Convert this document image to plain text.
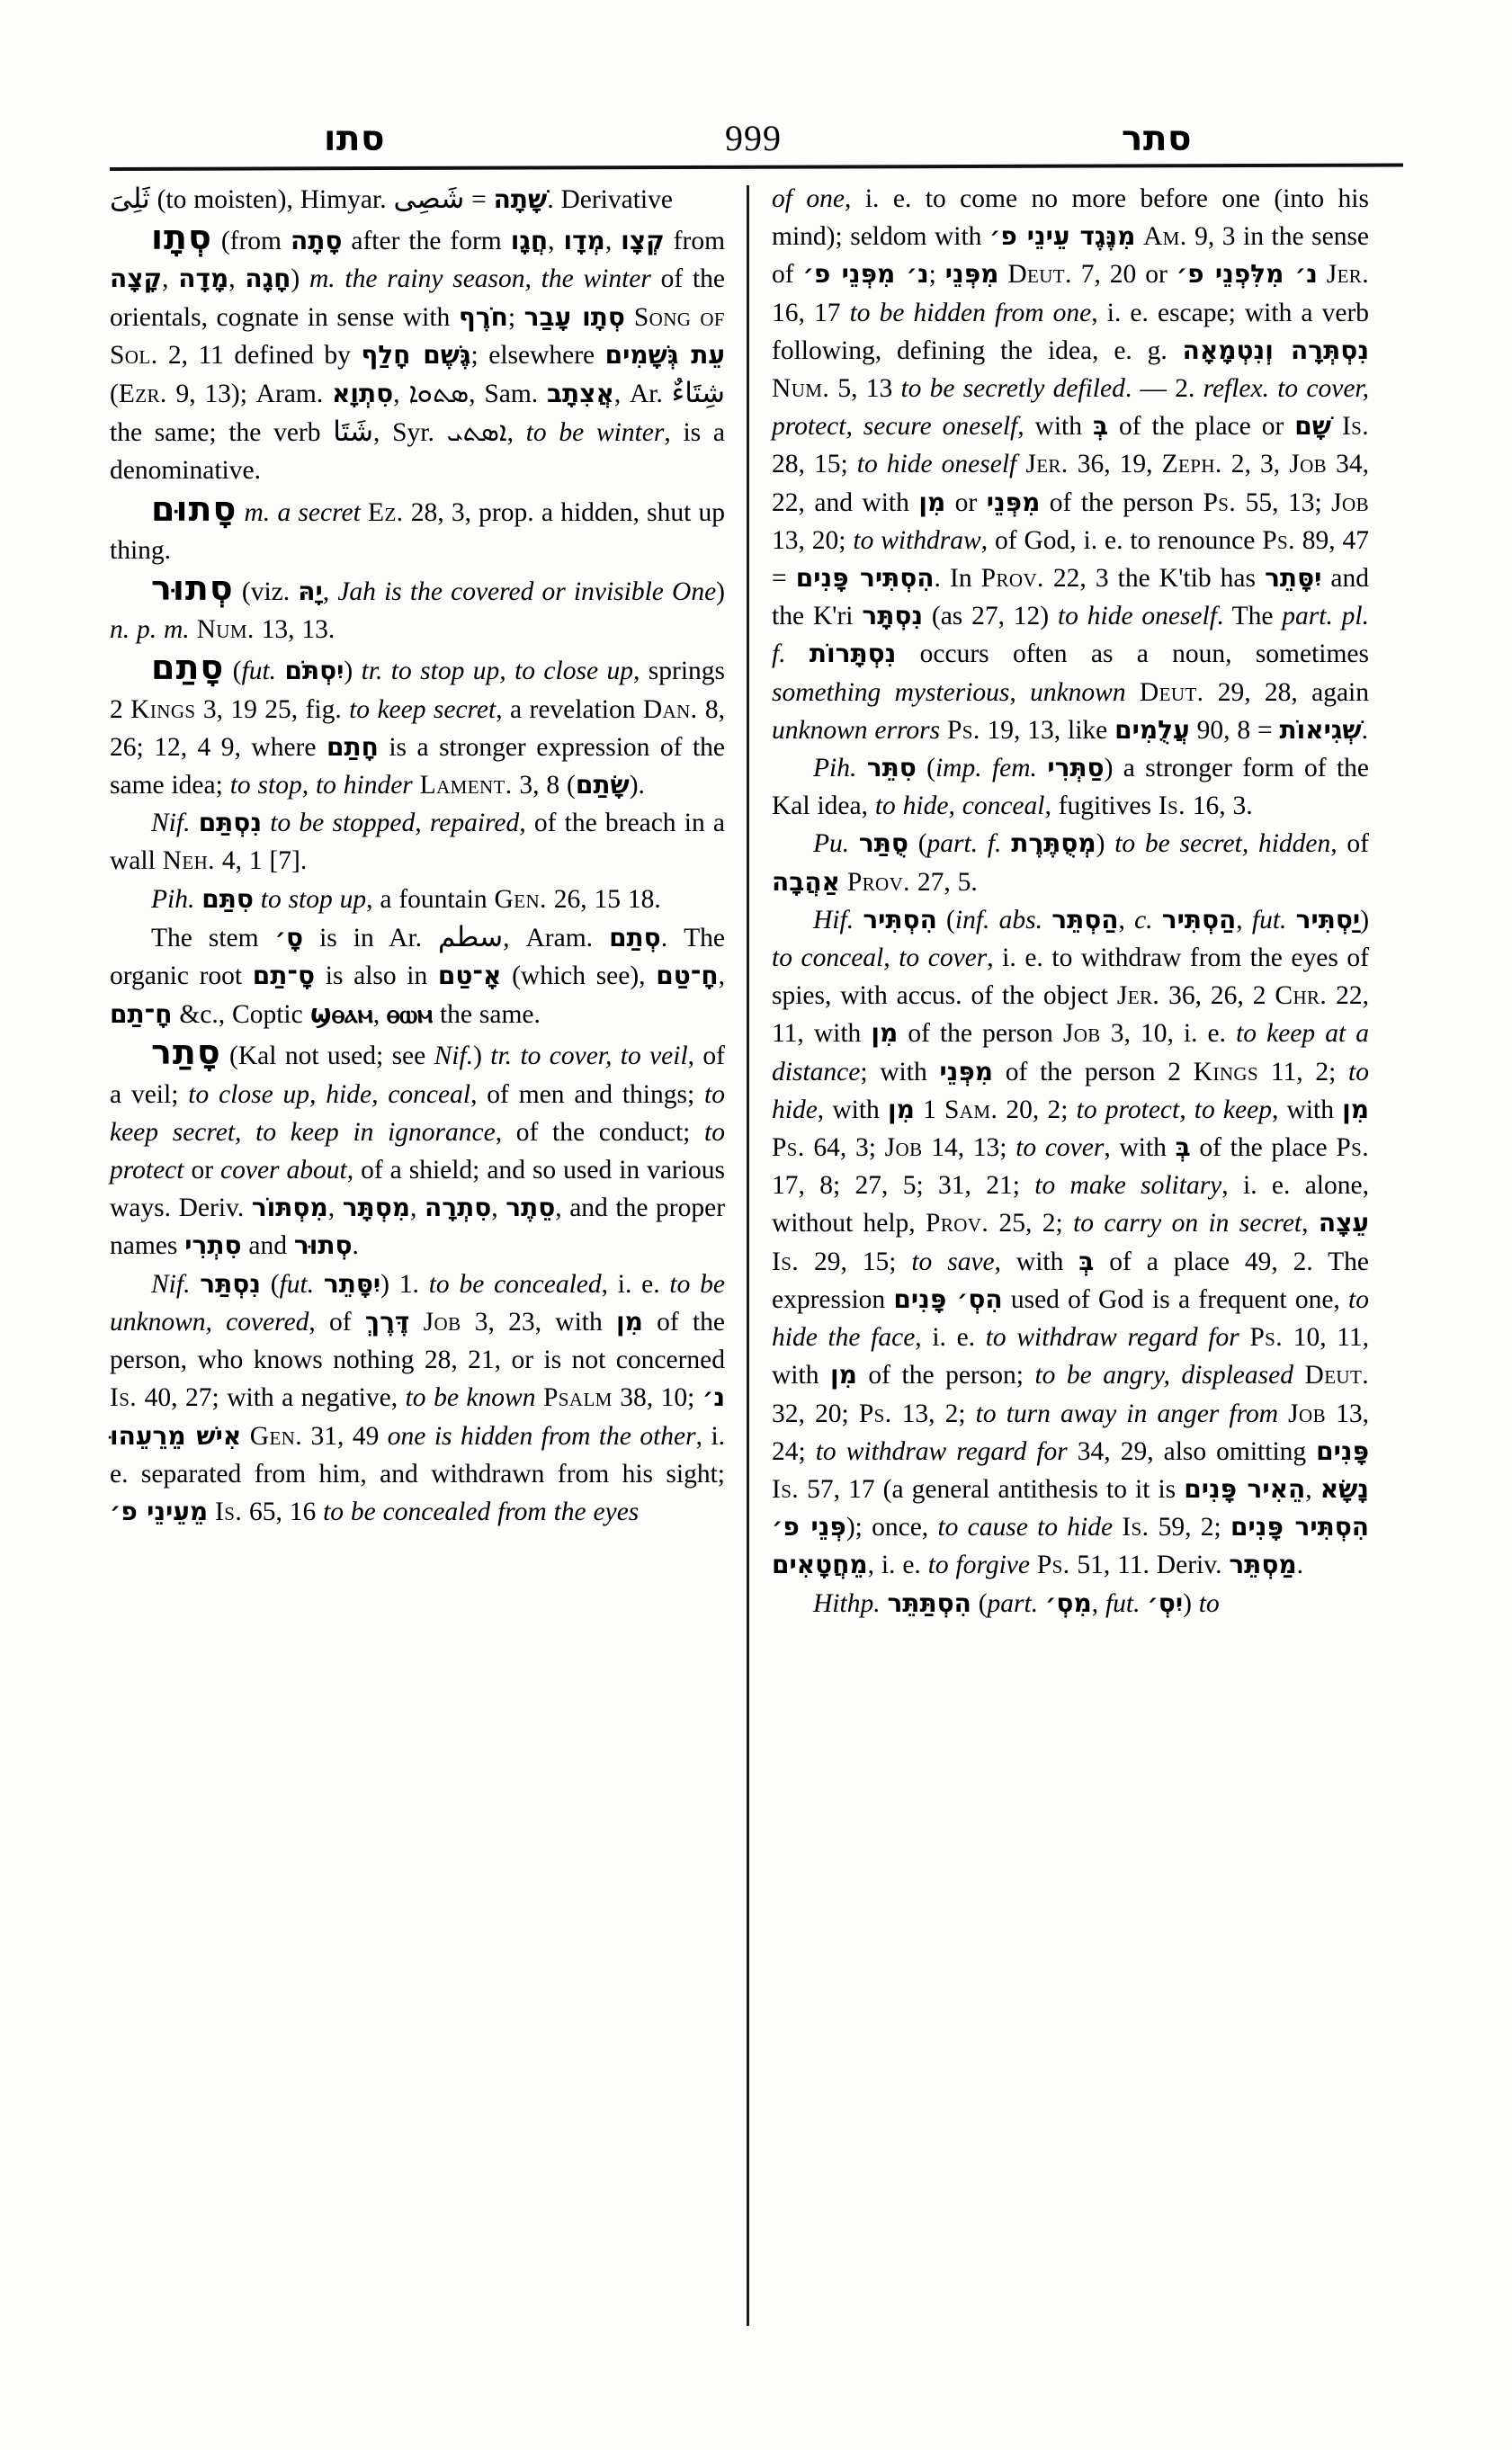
סתו	999	סתר

ثَلِىَ (to moisten), Himyar. شَصِى = שָׁתָה. Derivative

סְתָו (from סָתָה after the form חֲגָו, מְדָו, קְצָו from קָצָה, מָדָה, חָגָה) m. the rainy season, the winter of the orientals, cognate in sense with חֹרֶף; סְתָו עָבַר Song of Sol. 2, 11 defined by גֶּשֶׁם חָלַף; elsewhere עֵת גְּשָׁמִים (Ezr. 9, 13); Aram. סִתְוָא, ܣܬܘܐ, Sam. אֲצִתָב, Ar. شِتَاءٌ the same; the verb شَتَا, Syr. ܐܣܬܝ, to be winter, is a denominative.

סָתוּם m. a secret Ez. 28, 3, prop. a hidden, shut up thing.

סְתוּר (viz. יָהּ, Jah is the covered or invisible One) n. p. m. Num. 13, 13.

סָתַם (fut. יִסְתֹּם) tr. to stop up, to close up, springs 2 Kings 3, 19 25, fig. to keep secret, a revelation Dan. 8, 26; 12, 4 9, where חָתַם is a stronger expression of the same idea; to stop, to hinder Lament. 3, 8 (שָׂתַם).

Nif. נִסְתַּם to be stopped, repaired, of the breach in a wall Neh. 4, 1 [7].

Pih. סִתַּם to stop up, a fountain Gen. 26, 15 18.

The stem סָ׳ is in Ar. سطم, Aram. סְתַם. The organic root סָ־תַם is also in אָ־טַם (which see), חָ־טַם, חָ־תַם &c., Coptic ϣⲑⲁⲙ, ⲑⲱⲙ the same.

סָתַר (Kal not used; see Nif.) tr. to cover, to veil, of a veil; to close up, hide, conceal, of men and things; to keep secret, to keep in ignorance, of the conduct; to protect or cover about, of a shield; and so used in various ways. Deriv. מִסְתּוֹר, מִסְתָּר, סִתְרָה, סֵתֶר, and the proper names סִתְרִי and סְתוּר.

Nif. נִסְתַּר (fut. יִסָּתֵר) 1. to be concealed, i. e. to be unknown, covered, of דֶּרֶךְ Job 3, 23, with מִן of the person, who knows nothing 28, 21, or is not concerned Is. 40, 27; with a negative, to be known Psalm 38, 10; נ׳ אִישׁ מֵרֵעֵהוּ Gen. 31, 49 one is hidden from the other, i. e. separated from him, and withdrawn from his sight; מֵעֵינֵי פ׳ Is. 65, 16 to be concealed from the eyes

of one, i. e. to come no more before one (into his mind); seldom with מִנֶּגֶד עֵינֵי פ׳ Am. 9, 3 in the sense of נ׳ מִפְּנֵי פ׳; מִפְּנֵי Deut. 7, 20 or נ׳ מִלִּפְנֵי פ׳ Jer. 16, 17 to be hidden from one, i. e. escape; with a verb following, defining the idea, e. g. נִסְתְּרָה וְנִטְמָאָה Num. 5, 13 to be secretly defiled. — 2. reflex. to cover, protect, secure oneself, with בְּ of the place or שָׁם Is. 28, 15; to hide oneself Jer. 36, 19, Zeph. 2, 3, Job 34, 22, and with מִן or מִפְּנֵי of the person Ps. 55, 13; Job 13, 20; to withdraw, of God, i. e. to renounce Ps. 89, 47 = הִסְתִּיר פָּנִים. In Prov. 22, 3 the K'tib has יִסָּתֵר and the K'ri נִסְתָּר (as 27, 12) to hide oneself. The part. pl. f. נִסְתָּרוֹת occurs often as a noun, sometimes something mysterious, unknown Deut. 29, 28, again unknown errors Ps. 19, 13, like עֲלֻמִים 90, 8 = שְׁגִיאוֹת.

Pih. סִתֵּר (imp. fem. סַתְּרִי) a stronger form of the Kal idea, to hide, conceal, fugitives Is. 16, 3.

Pu. סֻתַּר (part. f. מְסֻתֶּרֶת) to be secret, hidden, of אַהֲבָה Prov. 27, 5.

Hif. הִסְתִּיר (inf. abs. הַסְתֵּר, c. הַסְתִּיר, fut. יַסְתִּיר) to conceal, to cover, i. e. to withdraw from the eyes of spies, with accus. of the object Jer. 36, 26, 2 Chr. 22, 11, with מִן of the person Job 3, 10, i. e. to keep at a distance; with מִפְּנֵי of the person 2 Kings 11, 2; to hide, with מִן 1 Sam. 20, 2; to protect, to keep, with מִן Ps. 64, 3; Job 14, 13; to cover, with בְּ of the place Ps. 17, 8; 27, 5; 31, 21; to make solitary, i. e. alone, without help, Prov. 25, 2; to carry on in secret, עֵצָה Is. 29, 15; to save, with בְּ of a place 49, 2. The expression הִסְ׳ פָּנִים used of God is a frequent one, to hide the face, i. e. to withdraw regard for Ps. 10, 11, with מִן of the person; to be angry, displeased Deut. 32, 20; Ps. 13, 2; to turn away in anger from Job 13, 24; to withdraw regard for 34, 29, also omitting פָּנִים Is. 57, 17 (a general antithesis to it is הֵאִיר פָּנִים, נָשָׂא פְּנֵי פ׳); once, to cause to hide Is. 59, 2; הִסְתִּיר פָּנִים מֵחֲטָאִים, i. e. to forgive Ps. 51, 11. Deriv. מַסְתֵּר.

Hithp. הִסְתַּתֵּר (part. מִסְ׳, fut. יִסְ׳) to
